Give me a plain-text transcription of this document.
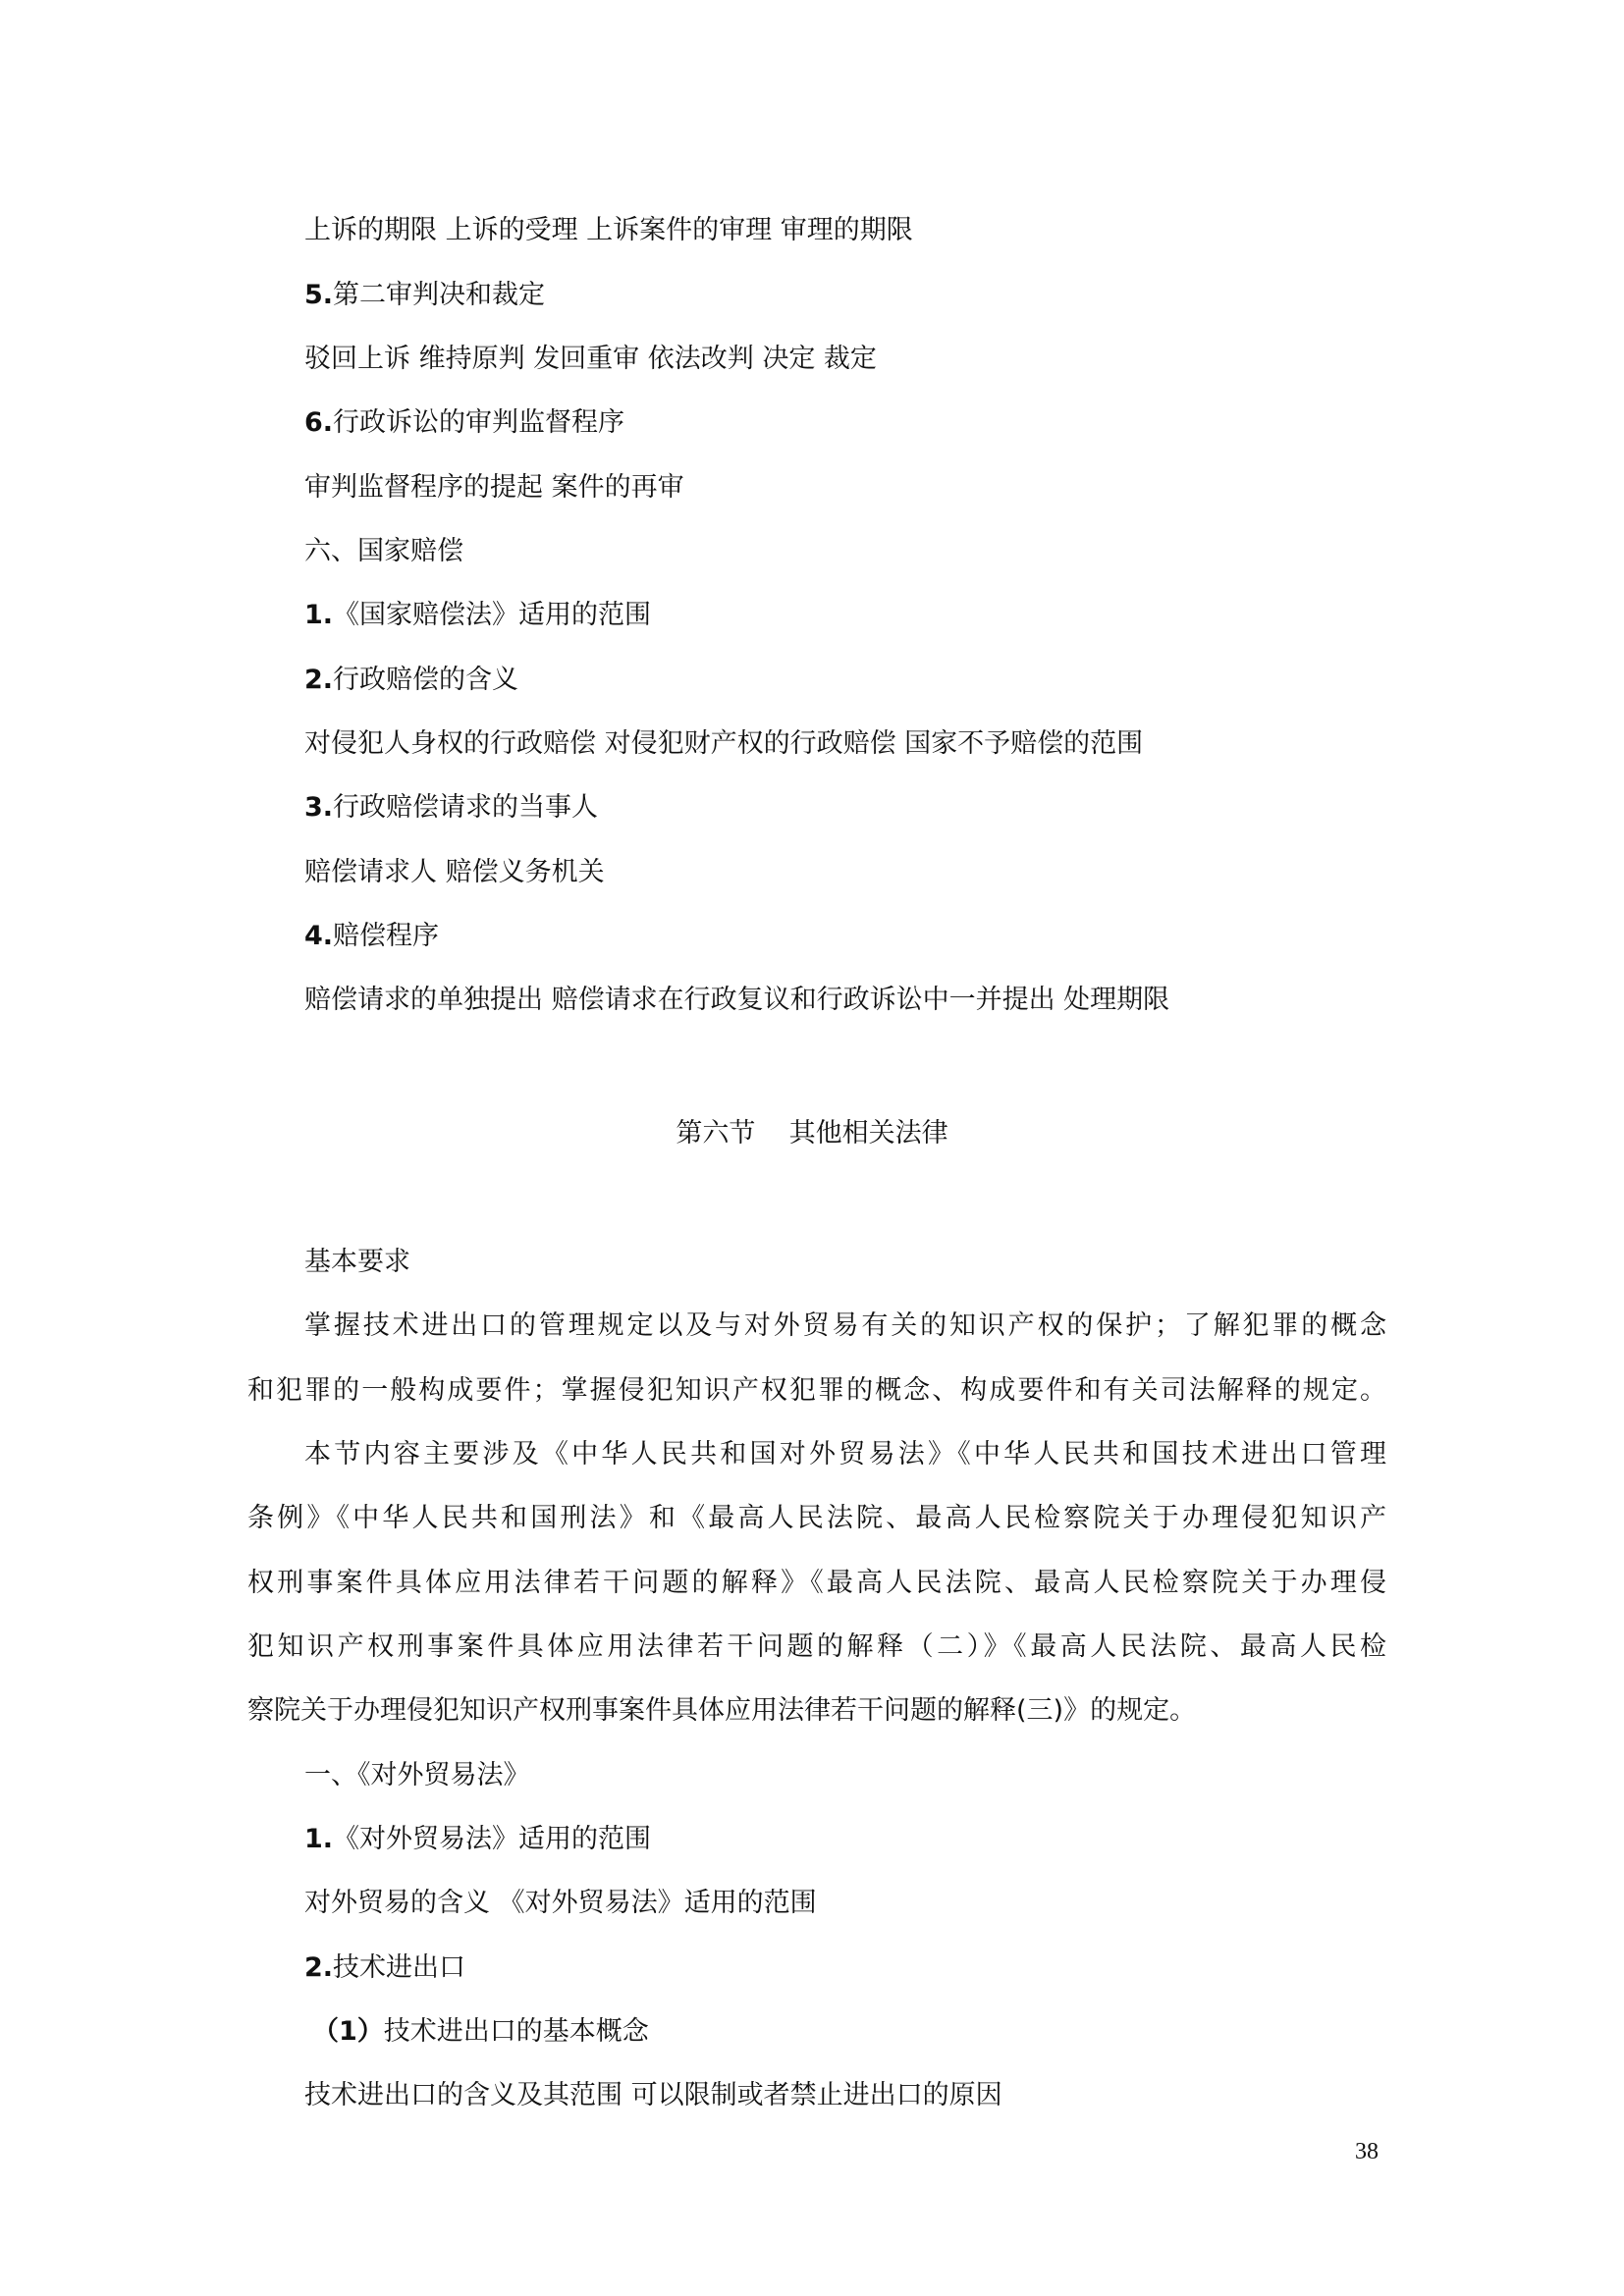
上诉的期限 上诉的受理 上诉案件的审理 审理的期限
5.第二审判决和裁定
驳回上诉 维持原判 发回重审 依法改判 决定 裁定
6.行政诉讼的审判监督程序
审判监督程序的提起 案件的再审
六、国家赔偿
1.《国家赔偿法》适用的范围
2.行政赔偿的含义
对侵犯人身权的行政赔偿 对侵犯财产权的行政赔偿 国家不予赔偿的范围
3.行政赔偿请求的当事人
赔偿请求人 赔偿义务机关
4.赔偿程序
赔偿请求的单独提出 赔偿请求在行政复议和行政诉讼中一并提出 处理期限
第六节    其他相关法律
基本要求
掌握技术进出口的管理规定以及与对外贸易有关的知识产权的保护；了解犯罪的概念
和犯罪的一般构成要件；掌握侵犯知识产权犯罪的概念、构成要件和有关司法解释的规定。
本节内容主要涉及《中华人民共和国对外贸易法》《中华人民共和国技术进出口管理
条例》《中华人民共和国刑法》和《最高人民法院、最高人民检察院关于办理侵犯知识产
权刑事案件具体应用法律若干问题的解释》《最高人民法院、最高人民检察院关于办理侵
犯知识产权刑事案件具体应用法律若干问题的解释（二）》《最高人民法院、最高人民检
察院关于办理侵犯知识产权刑事案件具体应用法律若干问题的解释(三)》的规定。
一、《对外贸易法》
1.《对外贸易法》适用的范围
对外贸易的含义 《对外贸易法》适用的范围
2.技术进出口
（1）技术进出口的基本概念
技术进出口的含义及其范围 可以限制或者禁止进出口的原因
38
